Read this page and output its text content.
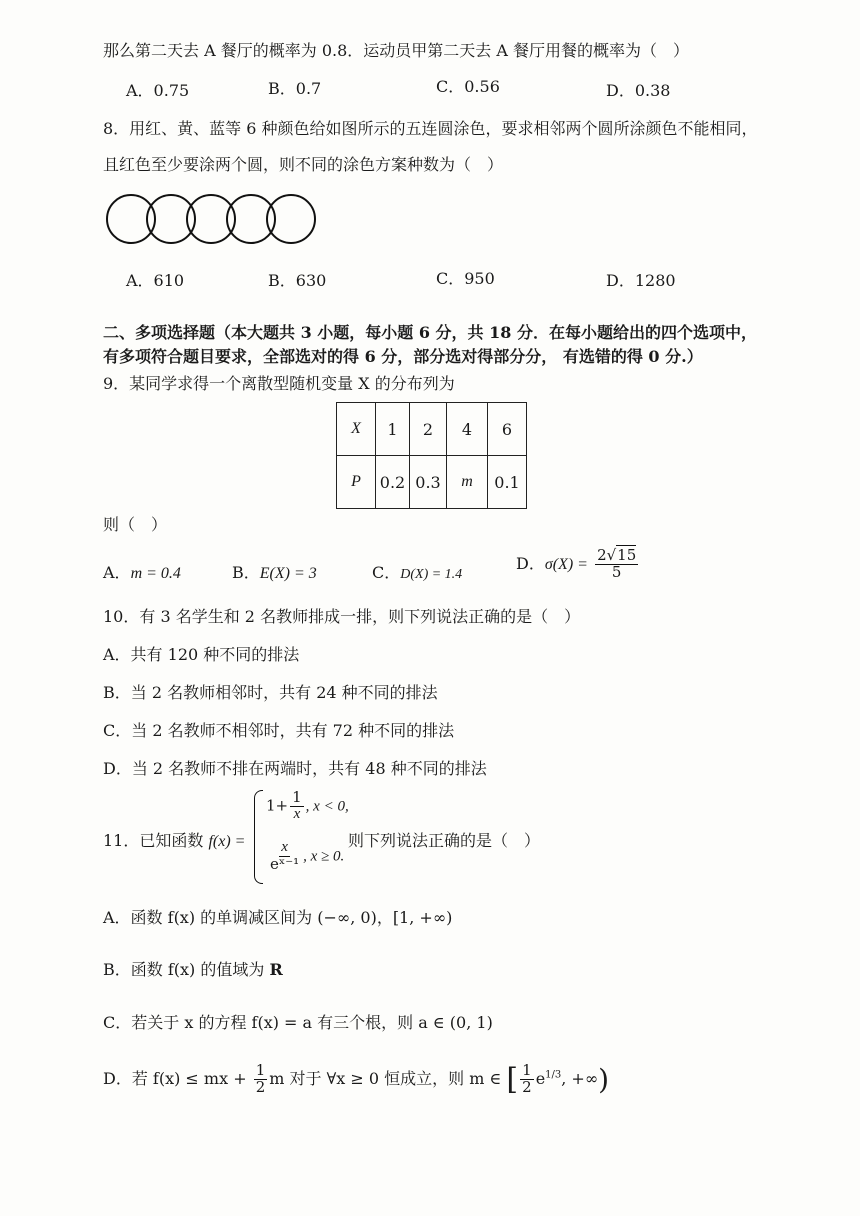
那么第二天去 A 餐厅的概率为 0.8．运动员甲第二天去 A 餐厅用餐的概率为（　）
A．0.75	B．0.7	C．0.56	D．0.38
8．用红、黄、蓝等 6 种颜色给如图所示的五连圆涂色，要求相邻两个圆所涂颜色不能相同，
且红色至少要涂两个圆，则不同的涂色方案种数为（　）
A．610	B．630	C．950	D．1280
二、多项选择题（本大题共 3 小题，每小题 6 分，共 18 分．在每小题给出的四个选项中，
有多项符合题目要求，全部选对的得 6 分，部分选对得部分分， 有选错的得 0 分.）
9．某同学求得一个离散型随机变量 X 的分布列为
X	1	2	4	6
P	0.2	0.3	m	0.1
则（　）
A．m = 0.4	B．E(X) = 3	C．D(X) = 1.4
D．$\sigma(X) = \frac{2√15}{5}$
10．有 3 名学生和 2 名教师排成一排，则下列说法正确的是（　）
A．共有 120 种不同的排法
B．当 2 名教师相邻时，共有 24 种不同的排法
C．当 2 名教师不相邻时，共有 72 种不同的排法
D．当 2 名教师不排在两端时，共有 48 种不同的排法
11．已知函数 f(x) =
$1+ \frac{1}{x}$ , x < 0,
$\frac{x}{\text{eˣ⁻¹}}$ , x ≥ 0.
则下列说法正确的是（　）
A．函数 f(x) 的单调减区间为 (−∞, 0)，[1, +∞)
B．函数 f(x) 的值域为 R
C．若关于 x 的方程 f(x) = a 有三个根，则 a ∈ (0, 1)
D．若 f(x) ≤ mx + $\frac{1}{2}$ m 对于 ∀x ≥ 0 恒成立，则 m ∈ [ $\frac{1}{2} e^{1/3}$, +∞)
